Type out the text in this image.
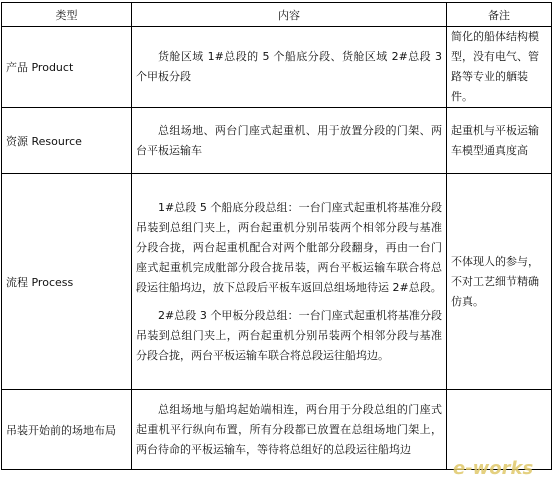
类型	内容	备注
产品 Product	货舱区域 1#总段的 5 个船底分段、货舱区域 2#总段 3 个甲板分段	简化的船体结构模型，没有电气、管路等专业的舾装件。
资源 Resource	总组场地、两台门座式起重机、用于放置分段的门架、两台平板运输车	起重机与平板运输车模型通真度高
流程 Process	1#总段 5 个船底分段总组：一台门座式起重机将基准分段吊装到总组门夹上，两台起重机分别吊装两个相邻分段与基准分段合拢，两台起重机配合对两个舭部分段翻身，再由一台门座式起重机完成舭部分段合拢吊装，两台平板运输车联合将总段运往船坞边，放下总段后平板车返回总组场地待运 2#总段。

2#总段 3 个甲板分段总组：一台门座式起重机将基准分段吊装到总组门夹上，两台起重机分别吊装两个相邻分段与基准分段合拢，两台平板运输车联合将总段运往船坞边。	不体现人的参与，不对工艺细节精确仿真。
吊装开始前的场地布局	总组场地与船坞起始端相连，两台用于分段总组的门座式起重机平行纵向布置，所有分段都已放置在总组场地门架上，两台待命的平板运输车，等待将总组好的总段运往船坞边	

e-works
